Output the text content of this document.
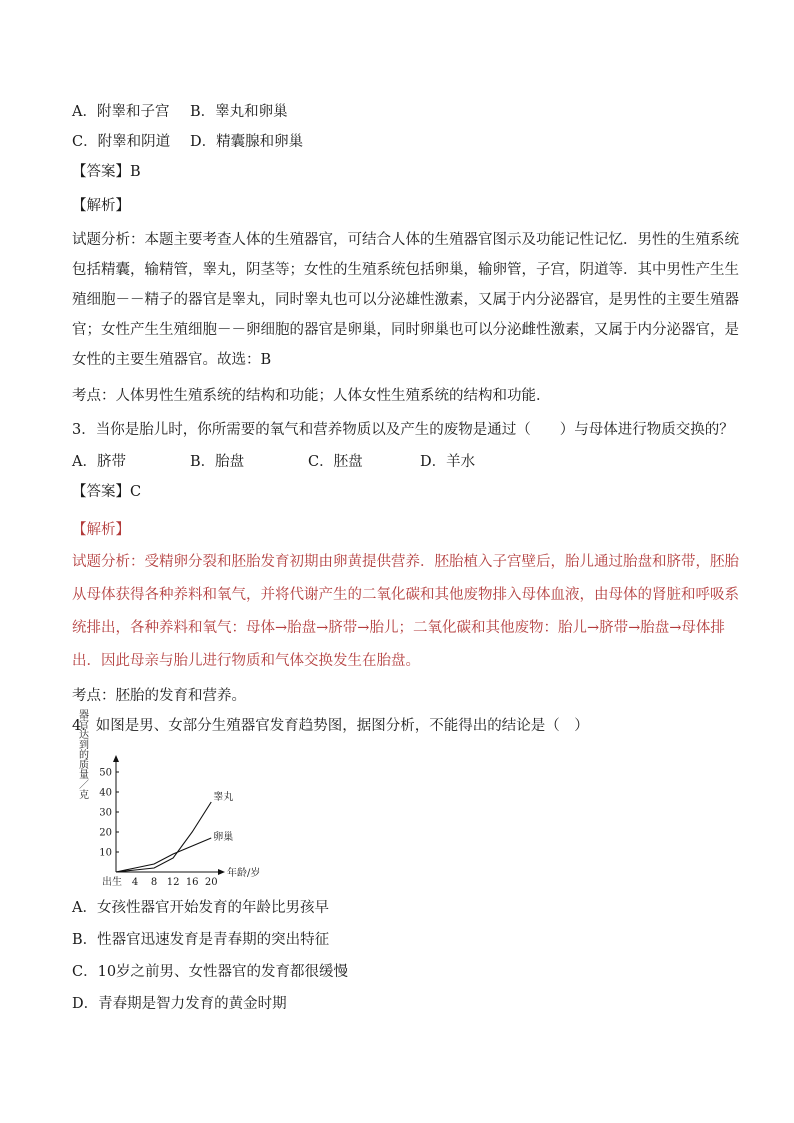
A．附睾和子宫 B．睾丸和卵巢
C．附睾和阴道 D．精囊腺和卵巢
【答案】B
【解析】
试题分析：本题主要考查人体的生殖器官，可结合人体的生殖器官图示及功能记性记忆．男性的生殖系统
包括精囊，输精管，睾丸，阴茎等；女性的生殖系统包括卵巢，输卵管，子宫，阴道等．其中男性产生生
殖细胞－－精子的器官是睾丸，同时睾丸也可以分泌雄性激素，又属于内分泌器官，是男性的主要生殖器
官；女性产生生殖细胞－－卵细胞的器官是卵巢，同时卵巢也可以分泌雌性激素，又属于内分泌器官，是
女性的主要生殖器官。故选：B
考点：人体男性生殖系统的结构和功能；人体女性生殖系统的结构和功能．
3．当你是胎儿时，你所需要的氧气和营养物质以及产生的废物是通过（　　）与母体进行物质交换的？
A．脐带	B．胎盘	C．胚盘	D．羊水
【答案】C
【解析】
试题分析：受精卵分裂和胚胎发育初期由卵黄提供营养．胚胎植入子宫壁后，胎儿通过胎盘和脐带，胚胎
从母体获得各种养料和氧气，并将代谢产生的二氧化碳和其他废物排入母体血液，由母体的肾脏和呼吸系
统排出，各种养料和氧气：母体→胎盘→脐带→胎儿；二氧化碳和其他废物：胎儿→脐带→胎盘→母体排
出．因此母亲与胎儿进行物质和气体交换发生在胎盘。
考点：胚胎的发育和营养。
4．如图是男、女部分生殖器官发育趋势图，据图分析，不能得出的结论是（　）
10
20
30
40
50
出生 4 8 12 16 20
年龄/岁
器官达到的质量／克	睾丸
卵巢
A．女孩性器官开始发育的年龄比男孩早
B．性器官迅速发育是青春期的突出特征
C．10岁之前男、女性器官的发育都很缓慢
D．青春期是智力发育的黄金时期
